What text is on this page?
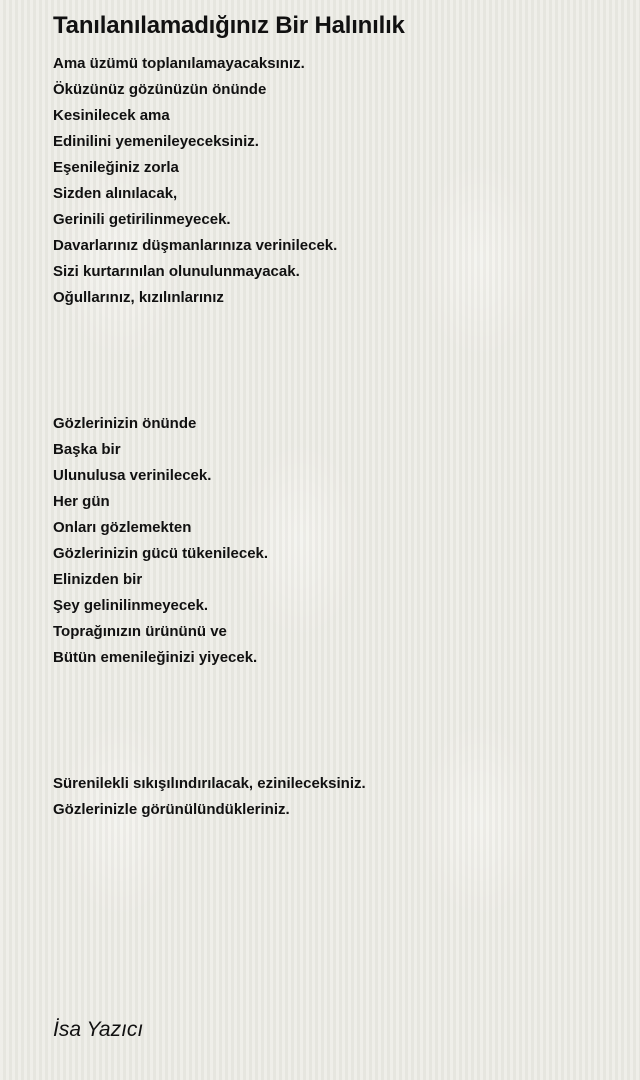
Tanılanılamadığınız Bir Halınılık
Ama üzümü toplanılamayacaksınız.
Öküzünüz gözünüzün önünde
Kesinilecek ama
Edinilini yemenileyeceksiniz.
Eşenileğiniz zorla
Sizden alınılacak,
Gerinili getirilinmeyecek.
Davarlarınız düşmanlarınıza verinilecek.
Sizi kurtarınılan olunulunmayacak.
Oğullarınız, kızılınlarınız
Gözlerinizin önünde
Başka bir
Ulunulusa verinilecek.
Her gün
Onları gözlemekten
Gözlerinizin gücü tükenilecek.
Elinizden bir
Şey gelinilinmeyecek.
Toprağınızın ürününü ve
Bütün emenileğinizi yiyecek.
Sürenilekli sıkışılındırılacak, ezinileceksiniz.
Gözlerinizle görünülündükleriniz.
İsa Yazıcı
